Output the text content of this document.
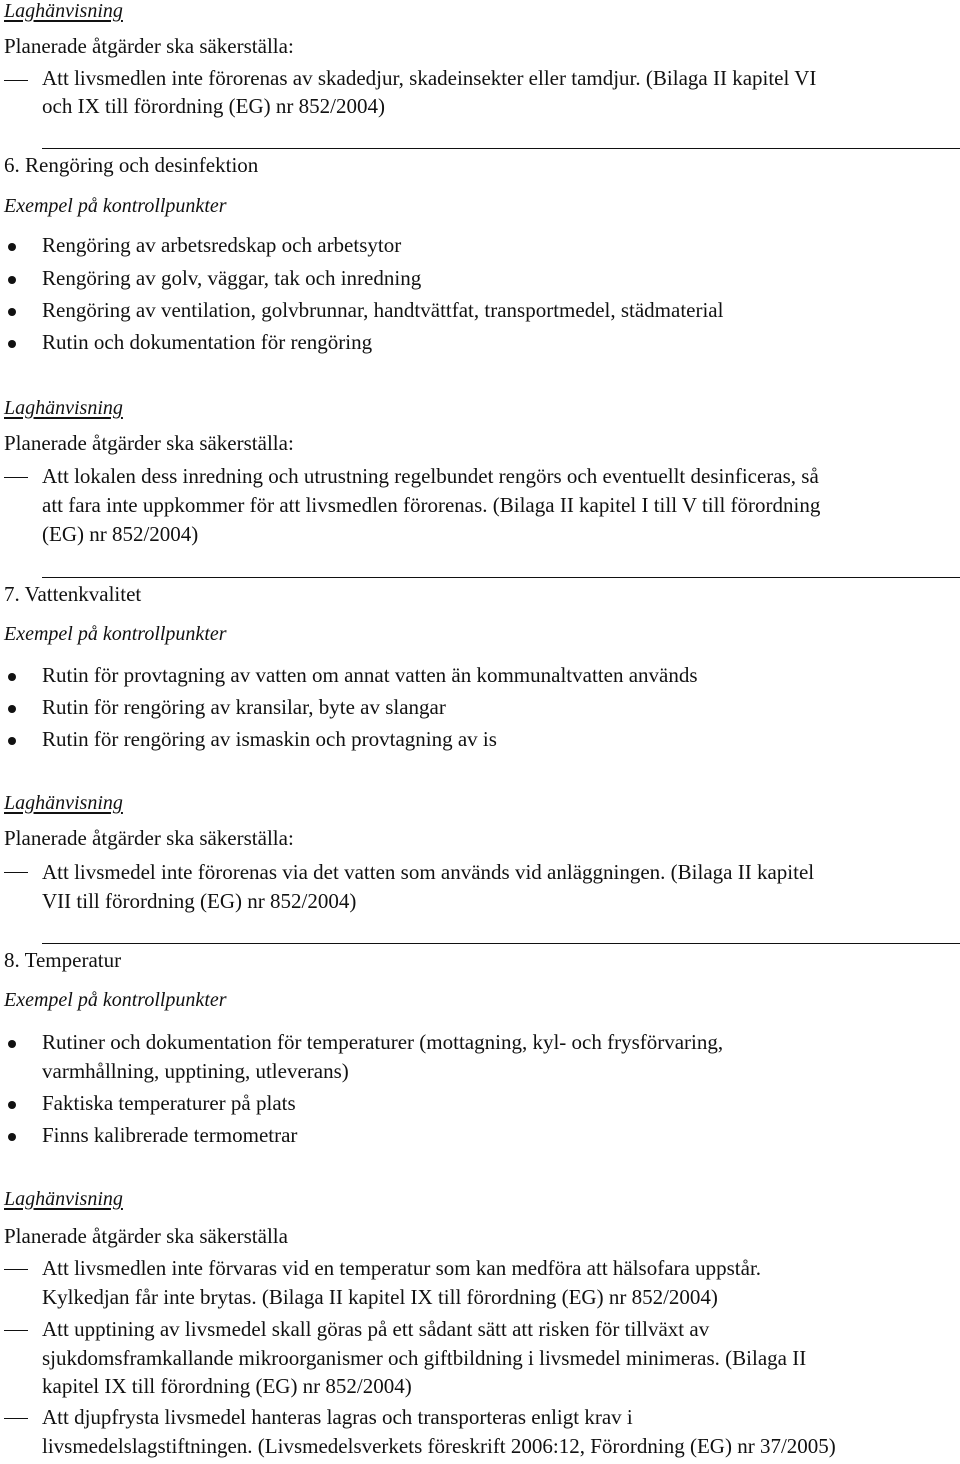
Laghänvisning

Planerade åtgärder ska säkerställa:

Att livsmedlen inte förorenas av skadedjur, skadeinsekter eller tamdjur. (Bilaga II kapitel VI

och IX till förordning (EG) nr 852/2004)

6. Rengöring och desinfektion

Exempel på kontrollpunkter

Rengöring av arbetsredskap och arbetsytor

Rengöring av golv, väggar, tak och inredning

Rengöring av ventilation, golvbrunnar, handtvättfat, transportmedel, städmaterial

Rutin och dokumentation för rengöring

Laghänvisning

Planerade åtgärder ska säkerställa:

Att lokalen dess inredning och utrustning regelbundet rengörs och eventuellt desinficeras, så

att fara inte uppkommer för att livsmedlen förorenas. (Bilaga II kapitel I till V till förordning

(EG) nr 852/2004)

7. Vattenkvalitet

Exempel på kontrollpunkter

Rutin för provtagning av vatten om annat vatten än kommunaltvatten används

Rutin för rengöring av kransilar, byte av slangar

Rutin för rengöring av ismaskin och provtagning av is

Laghänvisning

Planerade åtgärder ska säkerställa:

Att livsmedel inte förorenas via det vatten som används vid anläggningen. (Bilaga II kapitel

VII till förordning (EG) nr 852/2004)

8. Temperatur

Exempel på kontrollpunkter

Rutiner och dokumentation för temperaturer (mottagning, kyl- och frysförvaring,

varmhållning, upptining, utleverans)

Faktiska temperaturer på plats

Finns kalibrerade termometrar

Laghänvisning

Planerade åtgärder ska säkerställa

Att livsmedlen inte förvaras vid en temperatur som kan medföra att hälsofara uppstår.

Kylkedjan får inte brytas. (Bilaga II kapitel IX till förordning (EG) nr 852/2004)

Att upptining av livsmedel skall göras på ett sådant sätt att risken för tillväxt av

sjukdomsframkallande mikroorganismer och giftbildning i livsmedel minimeras. (Bilaga II

kapitel IX till förordning (EG) nr 852/2004)

Att djupfrysta livsmedel hanteras lagras och transporteras enligt krav i

livsmedelslagstiftningen. (Livsmedelsverkets föreskrift 2006:12, Förordning (EG) nr 37/2005)
